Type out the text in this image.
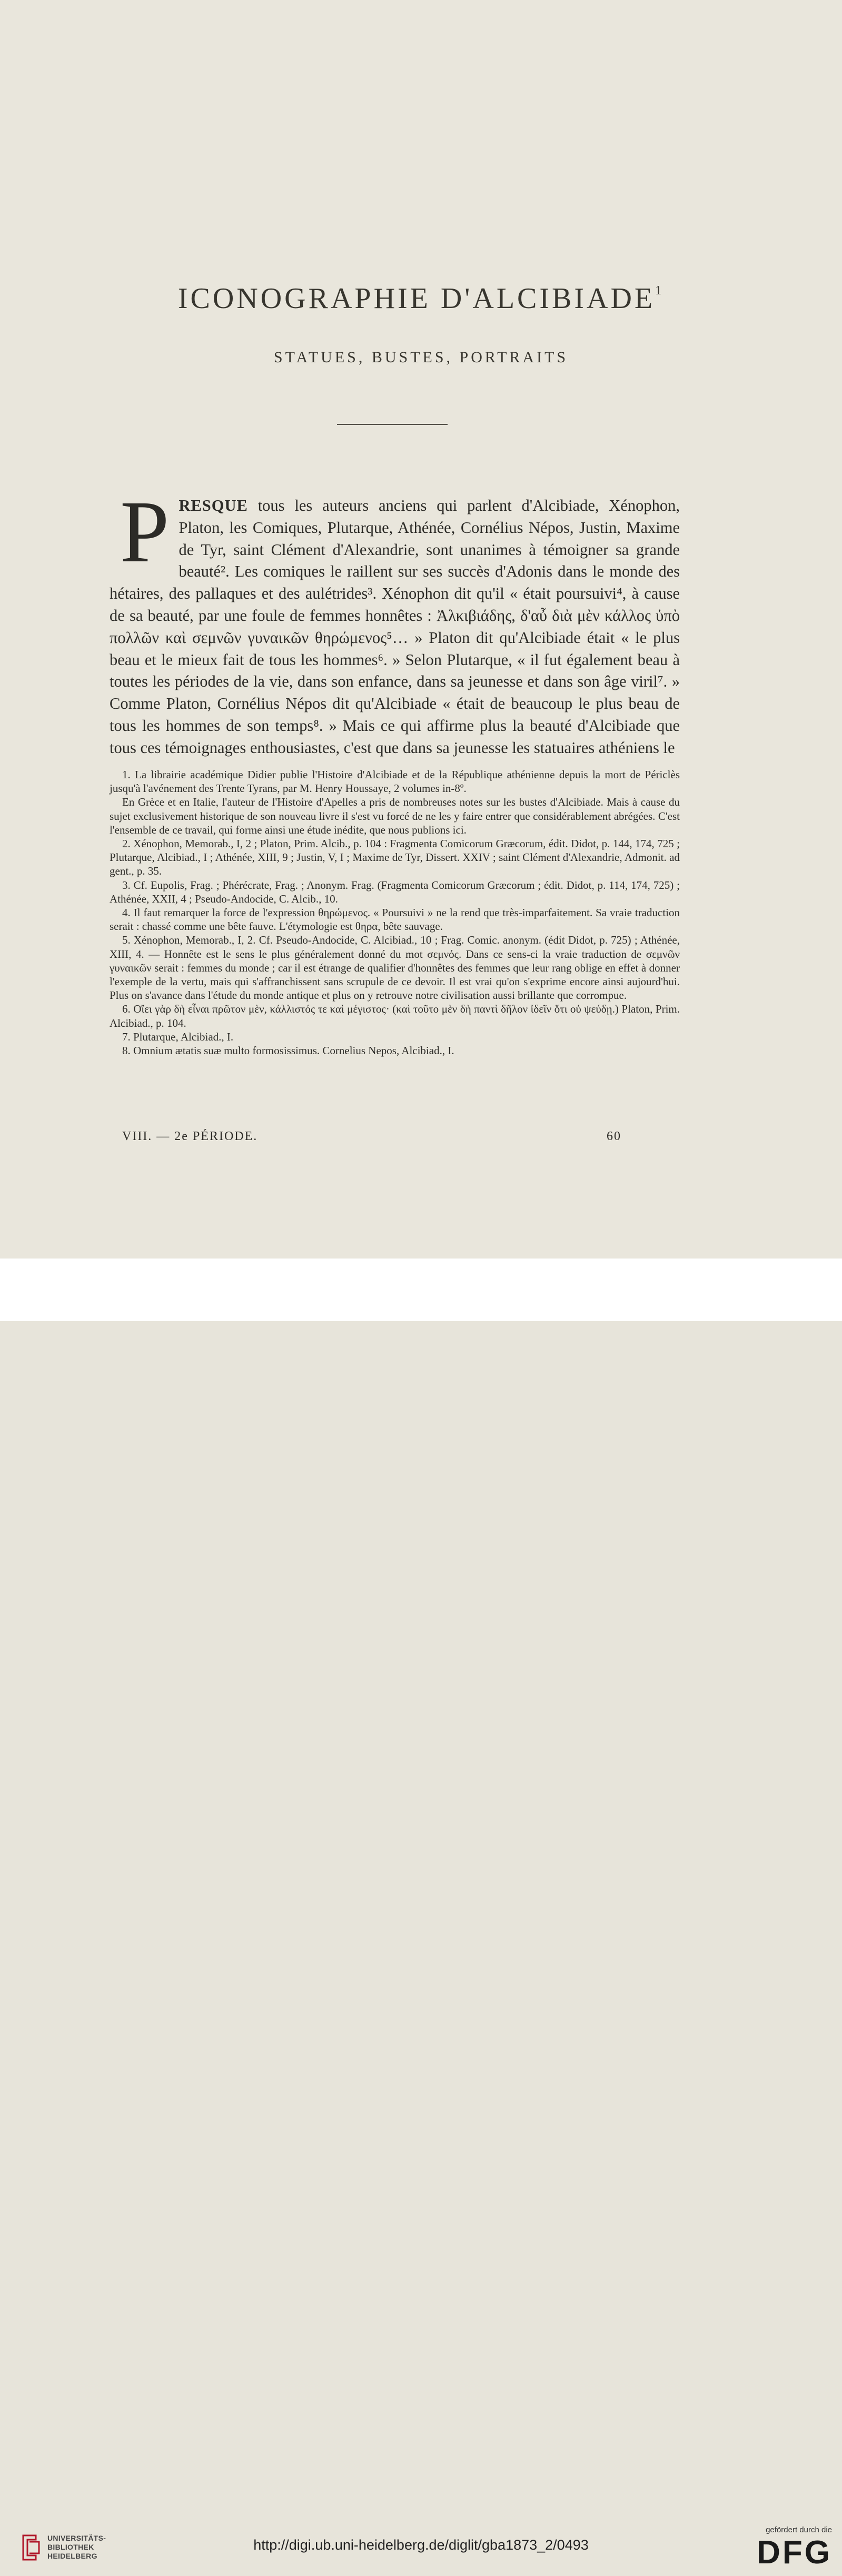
ICONOGRAPHIE D'ALCIBIADE$^1$
STATUES, BUSTES, PORTRAITS
PRESQUE tous les auteurs anciens qui parlent d'Alcibiade, Xénophon, Platon, les Comiques, Plutarque, Athénée, Cornélius Népos, Justin, Maxime de Tyr, saint Clément d'Alexandrie, sont unanimes à témoigner sa grande beauté². Les comiques le raillent sur ses succès d'Adonis dans le monde des hétaires, des pallaques et des aulétrides³. Xénophon dit qu'il « était poursuivi⁴, à cause de sa beauté, par une foule de femmes honnêtes : Ἀλκιβιάδης, δ'αὖ διὰ μὲν κάλλος ὑπὸ πολλῶν καὶ σεμνῶν γυναικῶν θηρώμενος⁵… » Platon dit qu'Alcibiade était « le plus beau et le mieux fait de tous les hommes⁶. » Selon Plutarque, « il fut également beau à toutes les périodes de la vie, dans son enfance, dans sa jeunesse et dans son âge viril⁷. » Comme Platon, Cornélius Népos dit qu'Alcibiade « était de beaucoup le plus beau de tous les hommes de son temps⁸. » Mais ce qui affirme plus la beauté d'Alcibiade que tous ces témoignages enthousiastes, c'est que dans sa jeunesse les statuaires athéniens le

1. La librairie académique Didier publie l'Histoire d'Alcibiade et de la République athénienne depuis la mort de Périclès jusqu'à l'avénement des Trente Tyrans, par M. Henry Houssaye, 2 volumes in-8º.

En Grèce et en Italie, l'auteur de l'Histoire d'Apelles a pris de nombreuses notes sur les bustes d'Alcibiade. Mais à cause du sujet exclusivement historique de son nouveau livre il s'est vu forcé de ne les y faire entrer que considérablement abrégées. C'est l'ensemble de ce travail, qui forme ainsi une étude inédite, que nous publions ici.

2. Xénophon, Memorab., I, 2 ; Platon, Prim. Alcib., p. 104 : Fragmenta Comicorum Græcorum, édit. Didot, p. 144, 174, 725 ; Plutarque, Alcibiad., I ; Athénée, XIII, 9 ; Justin, V, I ; Maxime de Tyr, Dissert. XXIV ; saint Clément d'Alexandrie, Admonit. ad gent., p. 35.

3. Cf. Eupolis, Frag. ; Phérécrate, Frag. ; Anonym. Frag. (Fragmenta Comicorum Græcorum ; édit. Didot, p. 114, 174, 725) ; Athénée, XXII, 4 ; Pseudo-Andocide, C. Alcib., 10.

4. Il faut remarquer la force de l'expression θηρώμενος. « Poursuivi » ne la rend que très-imparfaitement. Sa vraie traduction serait : chassé comme une bête fauve. L'étymologie est θηρα, bête sauvage.

5. Xénophon, Memorab., I, 2. Cf. Pseudo-Andocide, C. Alcibiad., 10 ; Frag. Comic. anonym. (édit Didot, p. 725) ; Athénée, XIII, 4. — Honnête est le sens le plus généralement donné du mot σεμνός. Dans ce sens-ci la vraie traduction de σεμνῶν γυναικῶν serait : femmes du monde ; car il est étrange de qualifier d'honnêtes des femmes que leur rang oblige en effet à donner l'exemple de la vertu, mais qui s'affranchissent sans scrupule de ce devoir. Il est vrai qu'on s'exprime encore ainsi aujourd'hui. Plus on s'avance dans l'étude du monde antique et plus on y retrouve notre civilisation aussi brillante que corrompue.

6. Οἴει γὰρ δὴ εἶναι πρῶτον μὲν, κάλλιστός τε καὶ μέγιστος· (καὶ τοῦτο μὲν δὴ παντὶ δῆλον ἰδεῖν ὅτι οὐ ψεύδῃ.) Platon, Prim. Alcibiad., p. 104.

7. Plutarque, Alcibiad., I.

8. Omnium ætatis suæ multo formosissimus. Cornelius Nepos, Alcibiad., I.

VIII. — 2e PÉRIODE.	60
UNIVERSITÄTS-
BIBLIOTHEK
HEIDELBERG
http://digi.ub.uni-heidelberg.de/diglit/gba1873_2/0493
gefördert durch die
DFG
